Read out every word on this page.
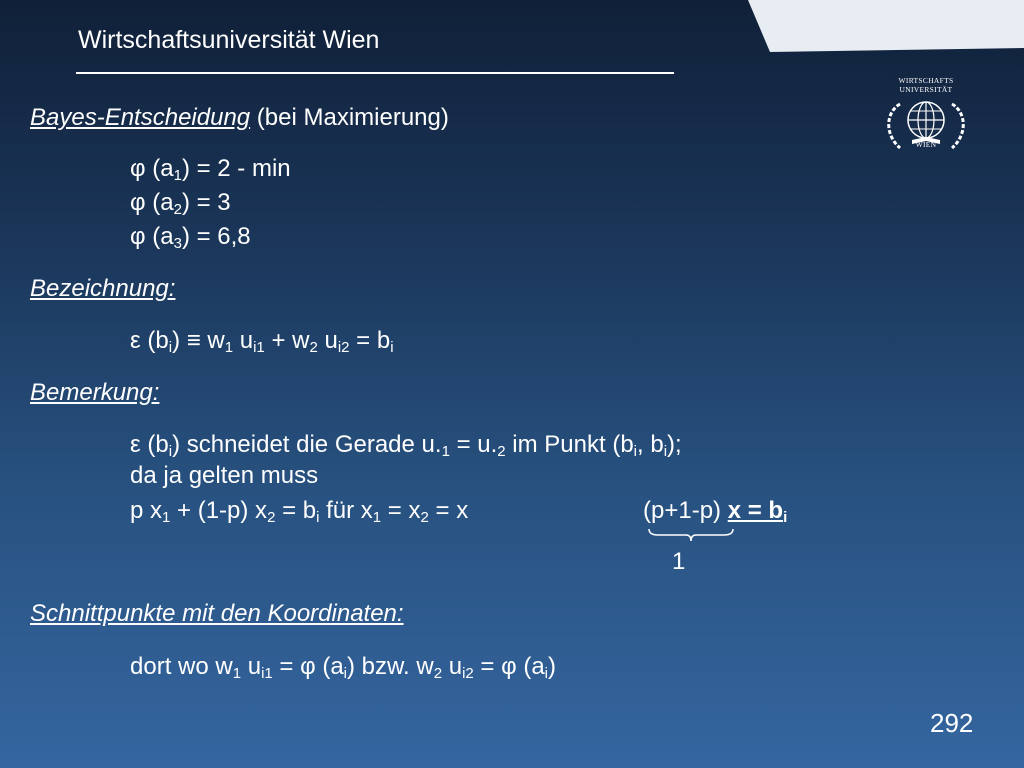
Wirtschaftsuniversität Wien
WIRTSCHAFTS
UNIVERSITÄT
WIEN
Bayes-Entscheidung (bei Maximierung)
φ $(a_1) = 2 - \min$
φ $(a_2) = 3$
φ $(a_3) = 6,8$
Bezeichnung:
ε $(b_i) \equiv w_1$ $u_{i1} + w_2$ $u_{i2} = b_i$
Bemerkung:
ε $(b_i)$ schneidet die Gerade $u._1 = u._2$ im Punkt ($b_i$, $b_i$);
da ja gelten muss
p $x_1 + (1-p) x_2 = b_i$ für $x_1 = x_2 = x$	(p+1-p) $x = b_i$
1
Schnittpunkte mit den Koordinaten:
dort wo $w_1$ $u_{i1} = \varphi$ $(a_i)$ bzw. $w_2$ $u_{i2} = \varphi$ $(a_i)$
292
